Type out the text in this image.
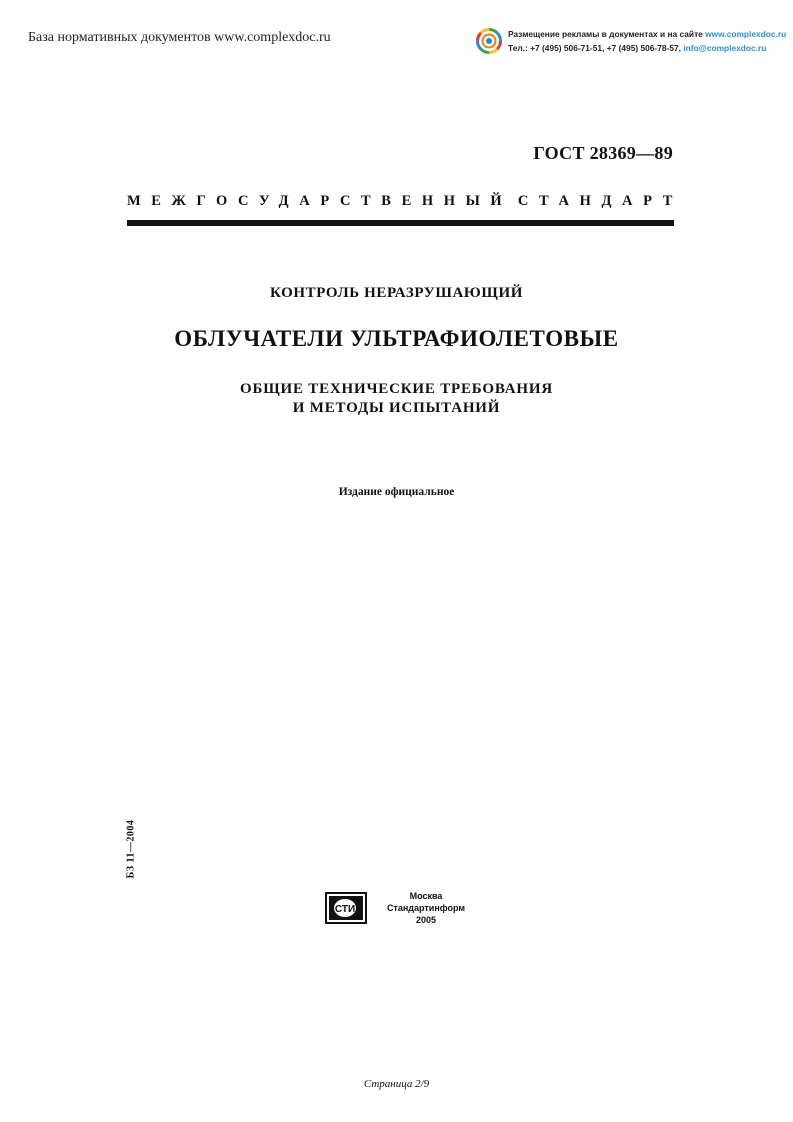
База нормативных документов www.complexdoc.ru	Размещение рекламы в документах и на сайте www.complexdoc.ru
Тел.: +7 (495) 506-71-51, +7 (495) 506-78-57, info@complexdoc.ru
ГОСТ 28369—89
МЕЖГОСУДАРСТВЕННЫЙ СТАНДАРТ
КОНТРОЛЬ НЕРАЗРУШАЮЩИЙ
ОБЛУЧАТЕЛИ УЛЬТРАФИОЛЕТОВЫЕ
ОБЩИЕ ТЕХНИЧЕСКИЕ ТРЕБОВАНИЯ
И МЕТОДЫ ИСПЫТАНИЙ
Издание официальное
БЗ 11—2004
СТИ
Москва
Стандартинформ
2005
Страница 2/9
